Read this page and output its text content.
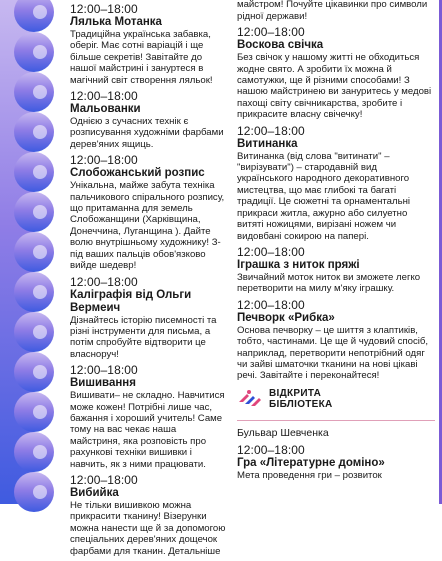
12:00–18:00

Лялька Мотанка

Традиційна українська забавка, оберіг. Має сотні варіацій і ще більше секретів! Завітайте до нашої майстрині і зануртеся в магічний світ створення ляльок!

12:00–18:00

Мальованки

Однією з сучасних технік є розписування художніми фарбами дерев'яних ящиць.

12:00–18:00

Слобожанський розпис

Унікальна, майже забута техніка пальчикового спірального розпису, що притаманна для земель Слобожанщини (Харківщина, Донеччина, Луганщина ). Дайте волю внутрішньому художнику! З-під ваших пальців обов'язково вийде шедевр!

12:00–18:00

Каліграфія від Ольги Вермеич

Дізнайтесь історію писемності та різні інструменти для письма, а потім спробуйте відтворити це власноруч!

12:00–18:00

Вишивання

Вишивати– не складно. Навчитися може кожен! Потрібні лише час, бажання і хороший учитель! Саме тому на вас чекає наша майстриня, яка розповість про рахункові техніки вишивки і навчить, як з ними працювати.

12:00–18:00

Вибийка

Не тільки вишивкою можна прикрасити тканину! Візерунки можна нанести ще й за допомогою спеціальних дерев'яних дощечок фарбами для тканин. Детальніше

майстром! Почуйте цікавинки про символи рідної держави!

12:00–18:00

Воскова свічка

Без свічок у нашому житті не обходиться жодне свято. А зробити їх можна й самотужки, ще й різними способами! З нашою майстринею ви зануритесь у медові пахощі світу свічникарства, зробите і прикрасите власну свічечку!

12:00–18:00

Витинанка

Витинанка (від слова "витинати" – "вирізувати") – стародавній вид українського народного декоративного мистецтва, що має глибокі та багаті традиції. Це сюжетні та орнаментальні прикраси житла, ажурно або силуетно витяті ножицями, вирізані ножем чи видовбані сокирою на папері.

12:00–18:00

Іграшка з ниток пряжі

Звичайний моток ниток ви зможете легко перетворити на милу м'яку іграшку.

12:00–18:00

Печворк «Рибка»

Основа печворку – це шиття з клаптиків, тобто, частинами. Це ще й чудовий спосіб, наприклад, перетворити непотрібний одяг чи зайві шматочки тканини на нові цікаві речі. Завітайте і переконайтеся!

ВІДКРИТА
БІБЛІОТЕКА

Бульвар Шевченка

12:00–18:00

Гра «Літературне доміно»

Мета проведення гри – розвиток
